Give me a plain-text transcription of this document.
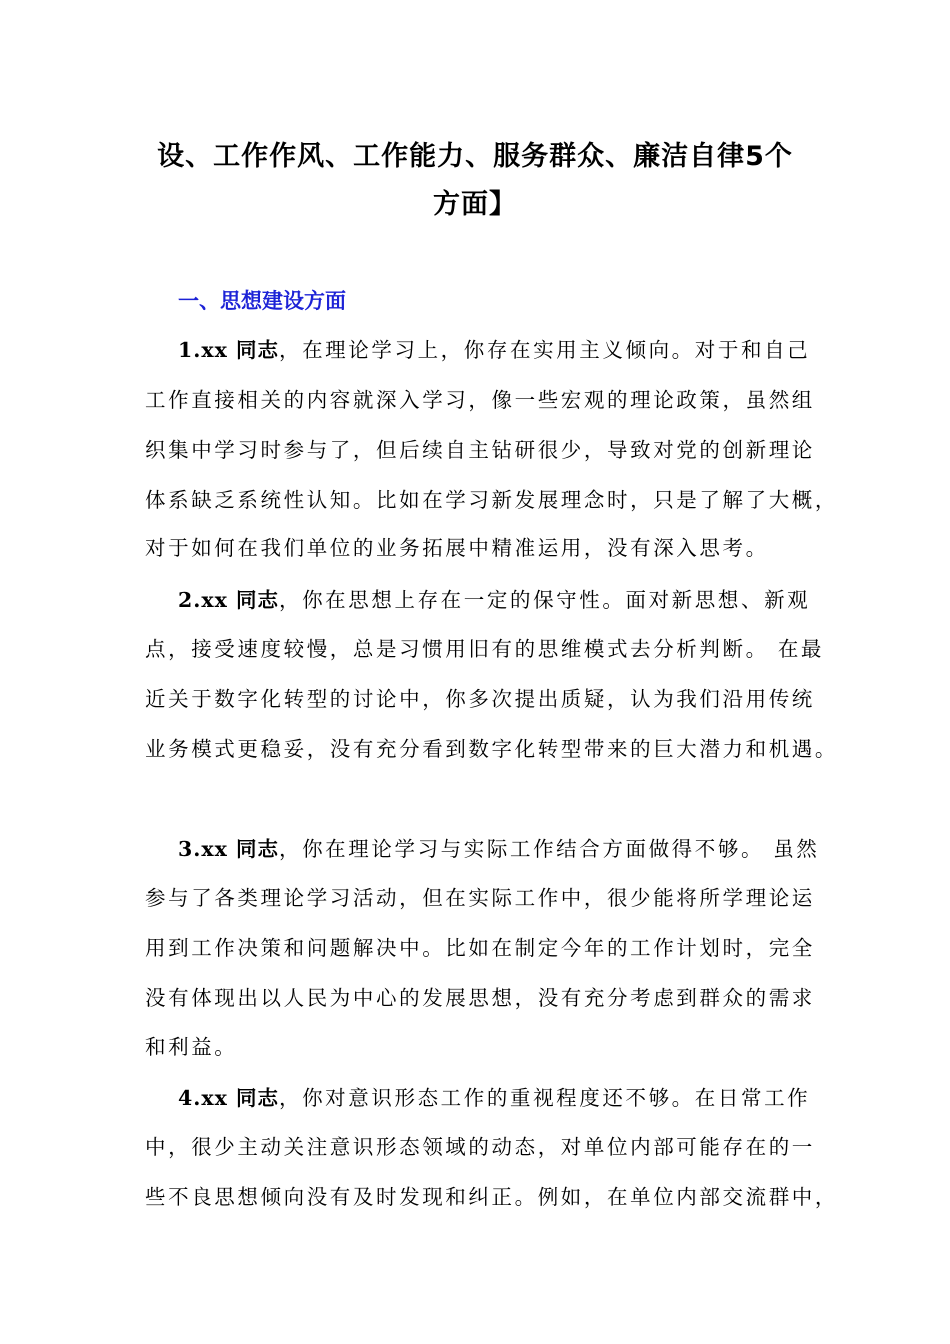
设、工作作风、工作能力、服务群众、廉洁自律5个
方面】
一、思想建设方面
1.xx 同志，在理论学习上，你存在实用主义倾向。对于和自己
工作直接相关的内容就深入学习，像一些宏观的理论政策，虽然组
织集中学习时参与了，但后续自主钻研很少，导致对党的创新理论
体系缺乏系统性认知。比如在学习新发展理念时，只是了解了大概，
对于如何在我们单位的业务拓展中精准运用，没有深入思考。
2.xx 同志，你在思想上存在一定的保守性。面对新思想、新观
点，接受速度较慢，总是习惯用旧有的思维模式去分析判断。 在最
近关于数字化转型的讨论中，你多次提出质疑，认为我们沿用传统
业务模式更稳妥，没有充分看到数字化转型带来的巨大潜力和机遇。
3.xx 同志，你在理论学习与实际工作结合方面做得不够。 虽然
参与了各类理论学习活动，但在实际工作中，很少能将所学理论运
用到工作决策和问题解决中。比如在制定今年的工作计划时，完全
没有体现出以人民为中心的发展思想，没有充分考虑到群众的需求
和利益。
4.xx 同志，你对意识形态工作的重视程度还不够。在日常工作
中，很少主动关注意识形态领域的动态，对单位内部可能存在的一
些不良思想倾向没有及时发现和纠正。例如，在单位内部交流群中，
